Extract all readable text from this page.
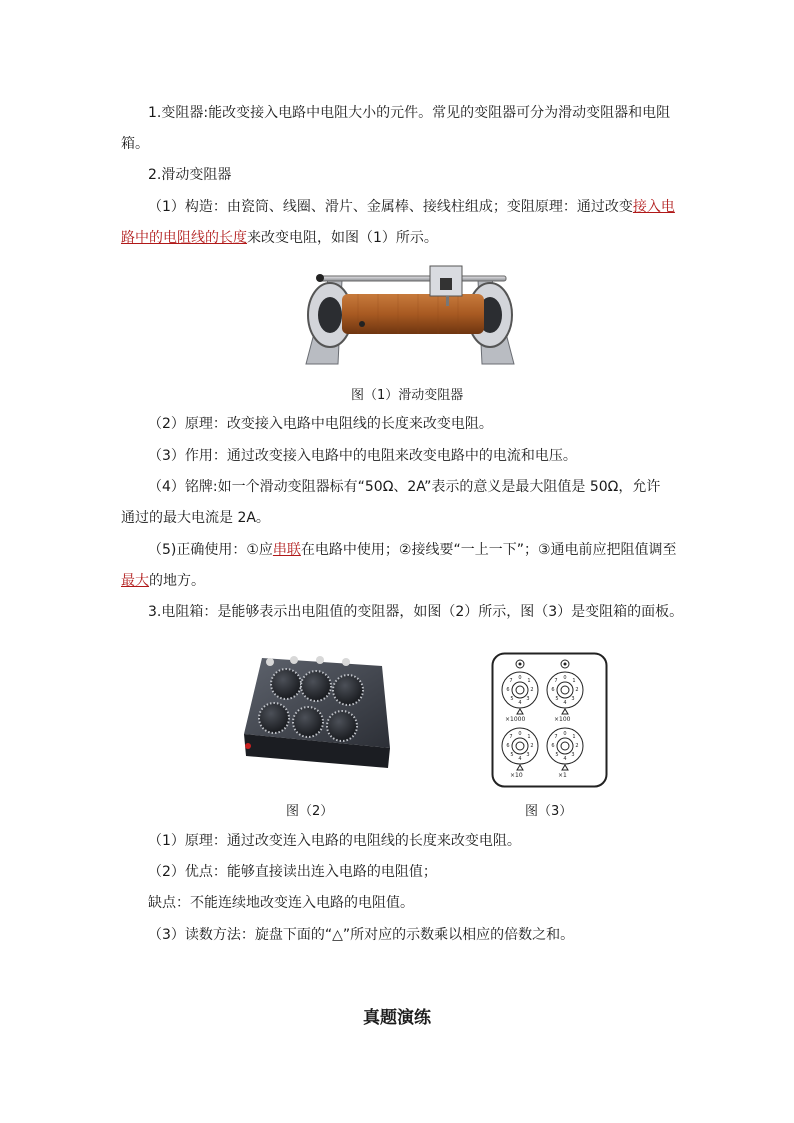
1.变阻器:能改变接入电路中电阻大小的元件。常见的变阻器可分为滑动变阻器和电阻
箱。
2.滑动变阻器
（1）构造：由瓷筒、线圈、滑片、金属棒、接线柱组成；变阻原理：通过改变接入电
路中的电阻线的长度来改变电阻，如图（1）所示。
图（1）滑动变阻器
（2）原理：改变接入电路中电阻线的长度来改变电阻。
（3）作用：通过改变接入电路中的电阻来改变电路中的电流和电压。
（4）铭牌:如一个滑动变阻器标有“50Ω、2A”表示的意义是最大阻值是 50Ω，允许
通过的最大电流是 2A。
（5)正确使用：①应串联在电路中使用；②接线要“一上一下”；③通电前应把阻值调至
最大的地方。
3.电阻箱：是能够表示出电阻值的变阻器，如图（2）所示，图（3）是变阻箱的面板。
图（2）
0 1
2
3
4
5
6
7	0 1
2
3
4
5
6
7
0 1
2
3
4
5
6
7	0 1
2
3
4
5
6
7
×1000	×100
×10	×1
图（3）
（1）原理：通过改变连入电路的电阻线的长度来改变电阻。
（2）优点：能够直接读出连入电路的电阻值；
缺点：不能连续地改变连入电路的电阻值。
（3）读数方法：旋盘下面的“△”所对应的示数乘以相应的倍数之和。
真题演练
